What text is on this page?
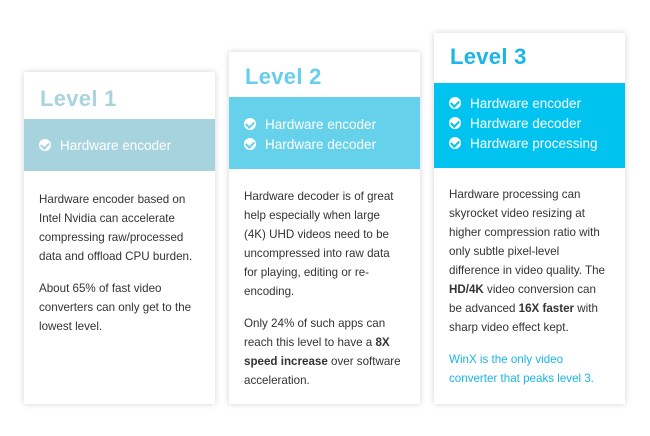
Level 1
Hardware encoder

Hardware encoder based on Intel Nvidia can accelerate compressing raw/processed data and offload CPU burden.

About 65% of fast video converters can only get to the lowest level.

Level 2
Hardware encoder
Hardware decoder

Hardware decoder is of great help especially when large (4K) UHD videos need to be uncompressed into raw data for playing, editing or re-encoding.

Only 24% of such apps can reach this level to have a 8X speed increase over software acceleration.

Level 3
Hardware encoder
Hardware decoder
Hardware processing

Hardware processing can skyrocket video resizing at higher compression ratio with only subtle pixel-level difference in video quality. The HD/4K video conversion can be advanced 16X faster with sharp video effect kept.

WinX is the only video converter that peaks level 3.
